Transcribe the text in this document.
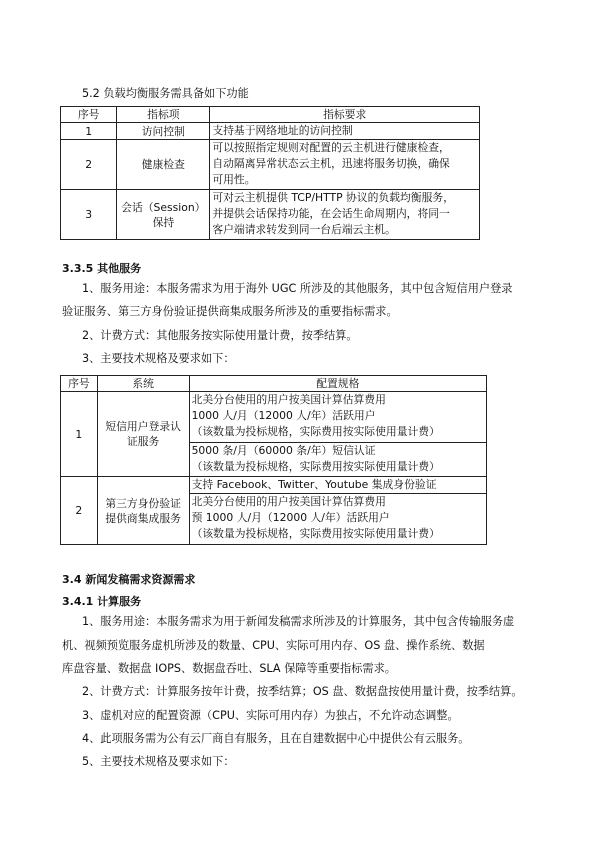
5.2 负载均衡服务需具备如下功能
序号	指标项	指标要求
1	访问控制	支持基于网络地址的访问控制

2	健康检查	可以按照指定规则对配置的云主机进行健康检查，
自动隔离异常状态云主机，迅速将服务切换，确保
可用性。

3	会话（Session）
保持	可对云主机提供 TCP/HTTP 协议的负载均衡服务，
并提供会话保持功能，在会话生命周期内，将同一
客户端请求转发到同一台后端云主机。
3.3.5 其他服务
1、服务用途：本服务需求为用于海外 UGC 所涉及的其他服务，其中包含短信用户登录
验证服务、第三方身份验证提供商集成服务所涉及的重要指标需求。
2、计费方式：其他服务按实际使用量计费，按季结算。
3、主要技术规格及要求如下：
序号	系统	配置规格
1	短信用户登录认
证服务	北美分台使用的用户按美国计算估算费用
1000 人/月（12000 人/年）活跃用户
（该数量为投标规格，实际费用按实际使用量计费）

		5000 条/月（60000 条/年）短信认证
（该数量为投标规格，实际费用按实际使用量计费）

2	第三方身份验证
提供商集成服务	支持 Facebook、Twitter、Youtube 集成身份验证

		北美分台使用的用户按美国计算估算费用
预 1000 人/月（12000 人/年）活跃用户
（该数量为投标规格，实际费用按实际使用量计费）
3.4 新闻发稿需求资源需求
3.4.1 计算服务
1、服务用途：本服务需求为用于新闻发稿需求所涉及的计算服务，其中包含传输服务虚
机、视频预览服务虚机所涉及的数量、CPU、实际可用内存、OS 盘、操作系统、数据
库盘容量、数据盘 IOPS、数据盘吞吐、SLA 保障等重要指标需求。
2、计费方式：计算服务按年计费，按季结算；OS 盘、数据盘按使用量计费，按季结算。
3、虚机对应的配置资源（CPU、实际可用内存）为独占，不允许动态调整。
4、此项服务需为公有云厂商自有服务，且在自建数据中心中提供公有云服务。
5、主要技术规格及要求如下：
